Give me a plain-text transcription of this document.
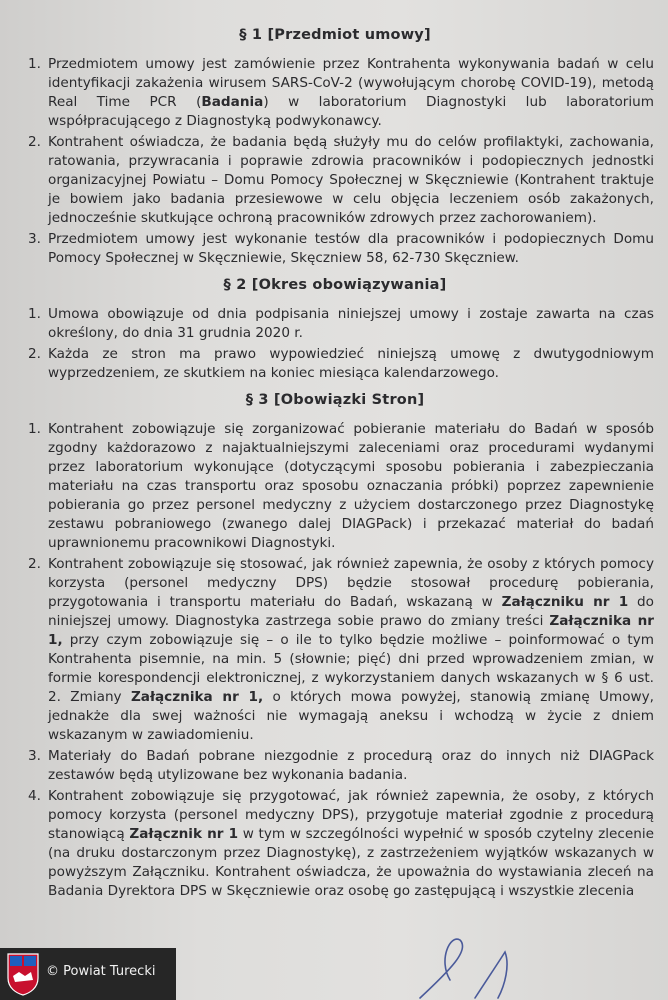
§ 1 [Przedmiot umowy]
1. Przedmiotem umowy jest zamówienie przez Kontrahenta wykonywania badań w celu identyfikacji zakażenia wirusem SARS-CoV-2 (wywołującym chorobę COVID-19), metodą Real Time PCR (Badania) w laboratorium Diagnostyki lub laboratorium współpracującego z Diagnostyką podwykonawcy.
2. Kontrahent oświadcza, że badania będą służyły mu do celów profilaktyki, zachowania, ratowania, przywracania i poprawie zdrowia pracowników i podopiecznych jednostki organizacyjnej Powiatu – Domu Pomocy Społecznej w Skęczniewie (Kontrahent traktuje je bowiem jako badania przesiewowe w celu objęcia leczeniem osób zakażonych, jednocześnie skutkujące ochroną pracowników zdrowych przez zachorowaniem).
3. Przedmiotem umowy jest wykonanie testów dla pracowników i podopiecznych Domu Pomocy Społecznej w Skęczniewie, Skęczniew 58, 62-730 Skęczniew.
§ 2 [Okres obowiązywania]
1. Umowa obowiązuje od dnia podpisania niniejszej umowy i zostaje zawarta na czas określony, do dnia 31 grudnia 2020 r.
2. Każda ze stron ma prawo wypowiedzieć niniejszą umowę z dwutygodniowym wyprzedzeniem, ze skutkiem na koniec miesiąca kalendarzowego.
§ 3 [Obowiązki Stron]
1. Kontrahent zobowiązuje się zorganizować pobieranie materiału do Badań w sposób zgodny każdorazowo z najaktualniejszymi zaleceniami oraz procedurami wydanymi przez laboratorium wykonujące (dotyczącymi sposobu pobierania i zabezpieczania materiału na czas transportu oraz sposobu oznaczania próbki) poprzez zapewnienie pobierania go przez personel medyczny z użyciem dostarczonego przez Diagnostykę zestawu pobraniowego (zwanego dalej DIAGPack) i przekazać materiał do badań uprawnionemu pracownikowi Diagnostyki.
2. Kontrahent zobowiązuje się stosować, jak również zapewnia, że osoby z których pomocy korzysta (personel medyczny DPS) będzie stosował procedurę pobierania, przygotowania i transportu materiału do Badań, wskazaną w Załączniku nr 1 do niniejszej umowy. Diagnostyka zastrzega sobie prawo do zmiany treści Załącznika nr 1, przy czym zobowiązuje się – o ile to tylko będzie możliwe – poinformować o tym Kontrahenta pisemnie, na min. 5 (słownie; pięć) dni przed wprowadzeniem zmian, w formie korespondencji elektronicznej, z wykorzystaniem danych wskazanych w § 6 ust. 2. Zmiany Załącznika nr 1, o których mowa powyżej, stanowią zmianę Umowy, jednakże dla swej ważności nie wymagają aneksu i wchodzą w życie z dniem wskazanym w zawiadomieniu.
3. Materiały do Badań pobrane niezgodnie z procedurą oraz do innych niż DIAGPack zestawów będą utylizowane bez wykonania badania.
4. Kontrahent zobowiązuje się przygotować, jak również zapewnia, że osoby, z których pomocy korzysta (personel medyczny DPS), przygotuje materiał zgodnie z procedurą stanowiącą Załącznik nr 1 w tym w szczególności wypełnić w sposób czytelny zlecenie (na druku dostarczonym przez Diagnostykę), z zastrzeżeniem wyjątków wskazanych w powyższym Załączniku. Kontrahent oświadcza, że upoważnia do wystawiania zleceń na Badania Dyrektora DPS w Skęczniewie oraz osobę go zastępującą i wszystkie zlecenia
© Powiat Turecki
